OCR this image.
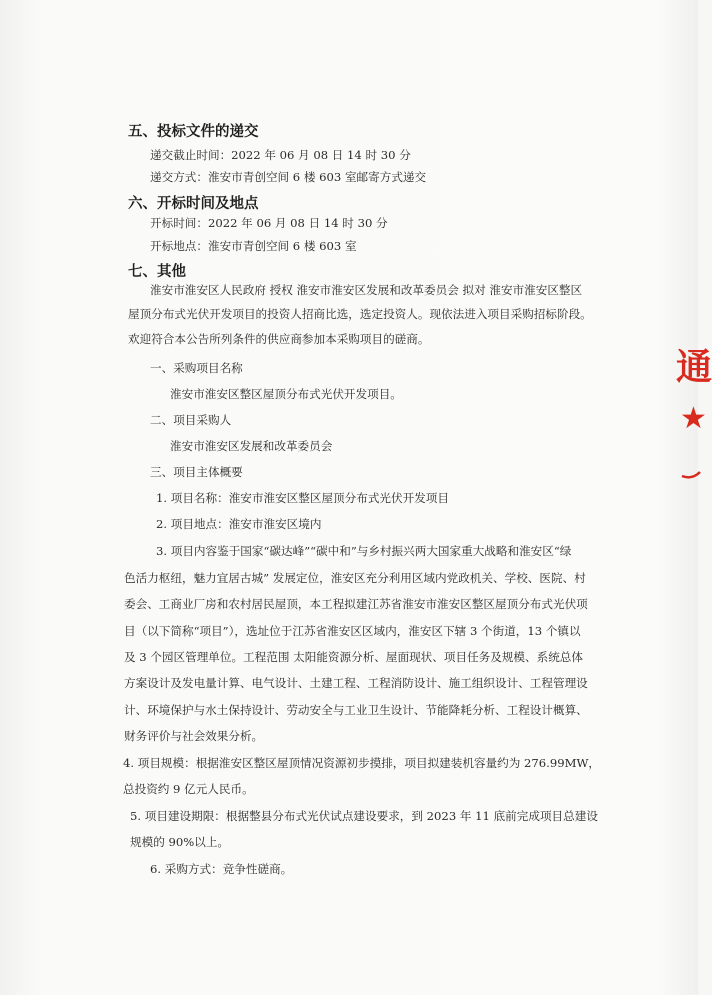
五、投标文件的递交
递交截止时间：2022 年 06 月 08 日 14 时 30 分
递交方式：淮安市青创空间 6 楼 603 室邮寄方式递交
六、开标时间及地点
开标时间：2022 年 06 月 08 日 14 时 30 分
开标地点：淮安市青创空间 6 楼 603 室
七、其他
淮安市淮安区人民政府 授权 淮安市淮安区发展和改革委员会 拟对 淮安市淮安区整区
屋顶分布式光伏开发项目的投资人招商比选，选定投资人。现依法进入项目采购招标阶段。
欢迎符合本公告所列条件的供应商参加本采购项目的磋商。
一、采购项目名称
淮安市淮安区整区屋顶分布式光伏开发项目。
二、项目采购人
淮安市淮安区发展和改革委员会
三、项目主体概要
1. 项目名称：淮安市淮安区整区屋顶分布式光伏开发项目
2. 项目地点：淮安市淮安区境内
3. 项目内容鉴于国家“碳达峰”“碳中和”与乡村振兴两大国家重大战略和淮安区“绿
色活力枢纽，魅力宜居古城” 发展定位，淮安区充分利用区域内党政机关、学校、医院、村
委会、工商业厂房和农村居民屋顶，本工程拟建江苏省淮安市淮安区整区屋顶分布式光伏项
目（以下简称“项目”），选址位于江苏省淮安区区域内，淮安区下辖 3 个街道，13 个镇以
及 3 个园区管理单位。工程范围 太阳能资源分析、屋面现状、项目任务及规模、系统总体
方案设计及发电量计算、电气设计、土建工程、工程消防设计、施工组织设计、工程管理设
计、环境保护与水土保持设计、劳动安全与工业卫生设计、节能降耗分析、工程设计概算、
财务评价与社会效果分析。
4. 项目规模：根据淮安区整区屋顶情况资源初步摸排，项目拟建装机容量约为 276.99MW，
总投资约 9 亿元人民币。
5. 项目建设期限：根据整县分布式光伏试点建设要求，到 2023 年 11 底前完成项目总建设
规模的 90%以上。
6. 采购方式：竞争性磋商。
通
★
